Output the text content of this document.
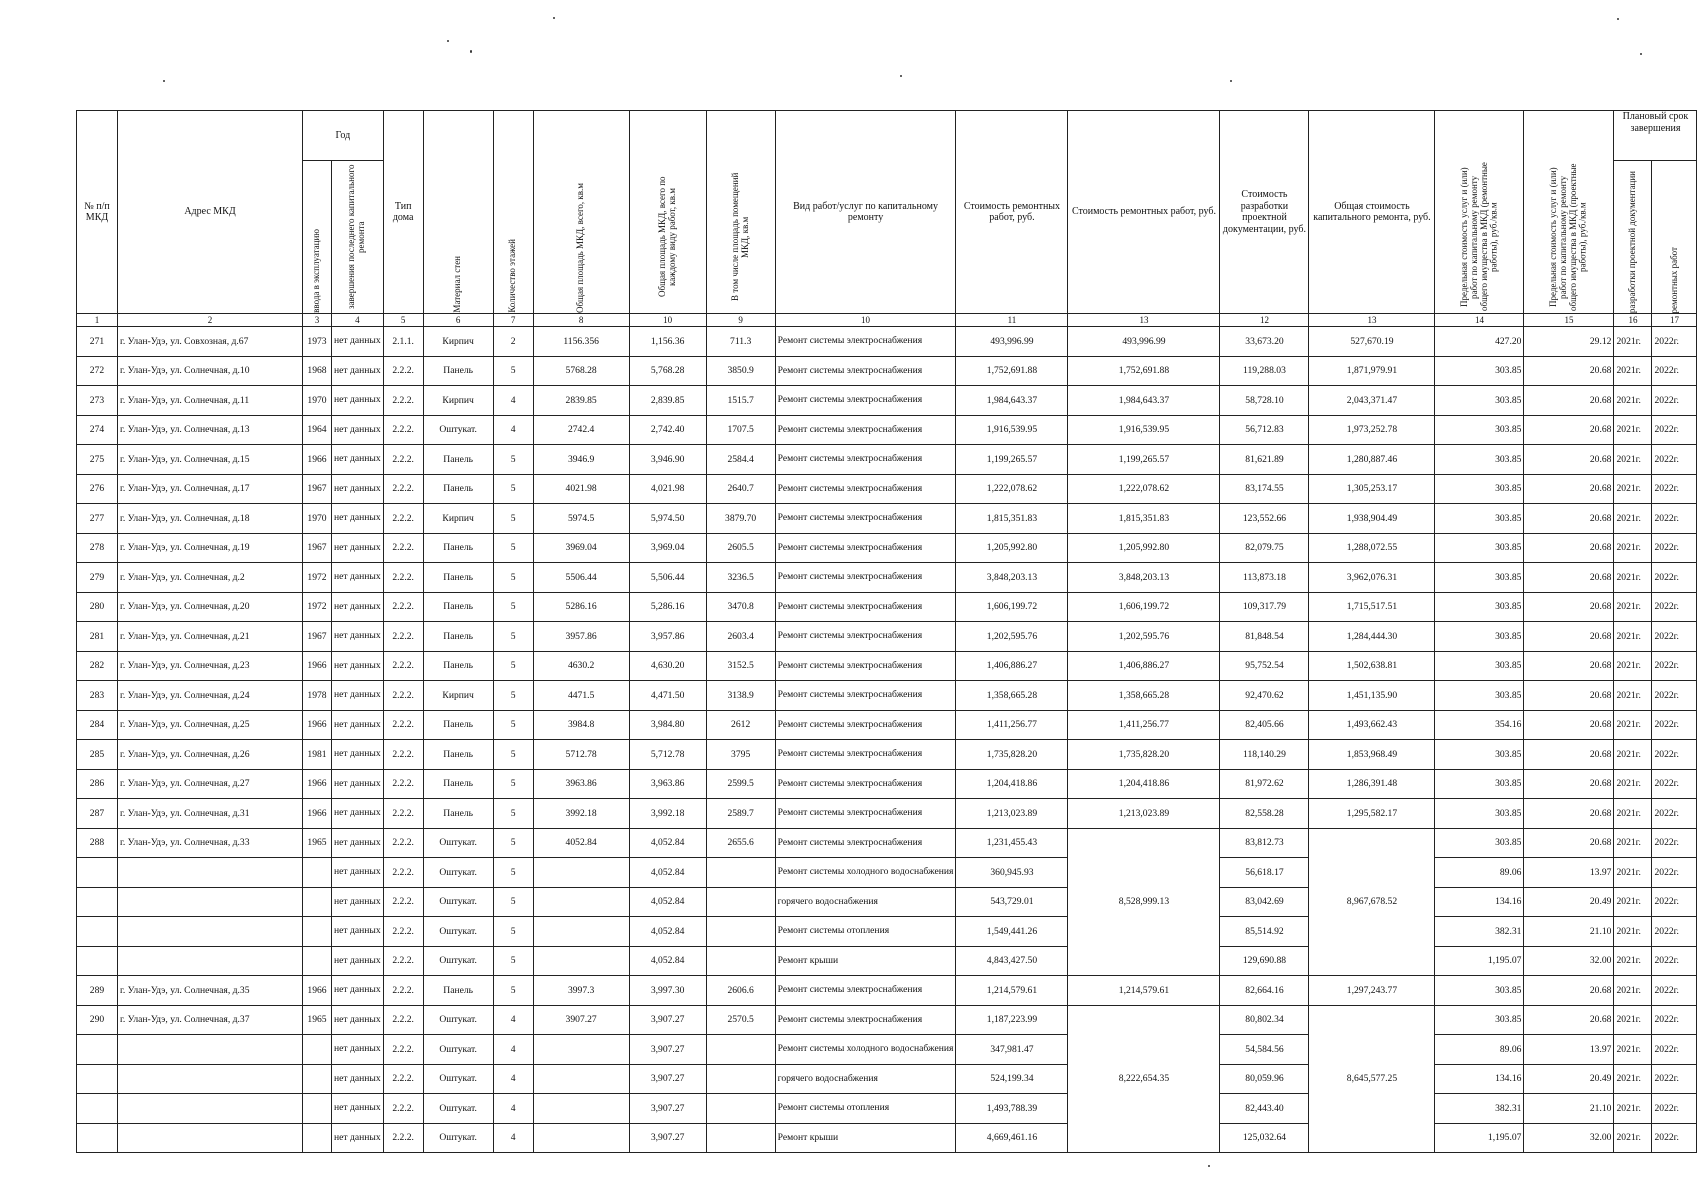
№ п/п МКД	Адрес МКД	Год		Тип дома	Материал стен	Количество этажей	Общая площадь МКД, всего, кв.м	Общая площадь МКД, всего по каждому виду работ, кв.м	В том числе площадь помещений МКД, кв.м	Вид работ/услуг по капитальному ремонту	Стоимость ремонтных работ, руб.	Стоимость ремонтных работ, руб.	Стоимость разработки проектной документации, руб.	Общая стоимость капитального ремонта, руб.	Предельная стоимость услуг и (или) работ по капитальному ремонту общего имущества в МКД (ремонтные работы), руб./кв.м	Предельная стоимость услуг и (или) работ по капитальному ремонту общего имущества в МКД (проектные работы), руб./кв.м	Плановый срок завершения	

		ввода в эксплуатацию	завершения последнего капитального ремонта														разработки проектной документации	ремонтных работ

1	2	3	4	5	6	7	8	10	9	10	11	13	12	13	14	15	16	17
271	г. Улан-Удэ, ул. Совхозная, д.67	1973	нет данных	2.1.1.	Кирпич	2	1156.356	1,156.36	711.3	Ремонт системы электроснабжения	493,996.99	493,996.99	33,673.20	527,670.19	427.20	29.12	2021г.	2022г.
272	г. Улан-Удэ, ул. Солнечная, д.10	1968	нет данных	2.2.2.	Панель	5	5768.28	5,768.28	3850.9	Ремонт системы электроснабжения	1,752,691.88	1,752,691.88	119,288.03	1,871,979.91	303.85	20.68	2021г.	2022г.
273	г. Улан-Удэ, ул. Солнечная, д.11	1970	нет данных	2.2.2.	Кирпич	4	2839.85	2,839.85	1515.7	Ремонт системы электроснабжения	1,984,643.37	1,984,643.37	58,728.10	2,043,371.47	303.85	20.68	2021г.	2022г.
274	г. Улан-Удэ, ул. Солнечная, д.13	1964	нет данных	2.2.2.	Оштукат.	4	2742.4	2,742.40	1707.5	Ремонт системы электроснабжения	1,916,539.95	1,916,539.95	56,712.83	1,973,252.78	303.85	20.68	2021г.	2022г.
275	г. Улан-Удэ, ул. Солнечная, д.15	1966	нет данных	2.2.2.	Панель	5	3946.9	3,946.90	2584.4	Ремонт системы электроснабжения	1,199,265.57	1,199,265.57	81,621.89	1,280,887.46	303.85	20.68	2021г.	2022г.
276	г. Улан-Удэ, ул. Солнечная, д.17	1967	нет данных	2.2.2.	Панель	5	4021.98	4,021.98	2640.7	Ремонт системы электроснабжения	1,222,078.62	1,222,078.62	83,174.55	1,305,253.17	303.85	20.68	2021г.	2022г.
277	г. Улан-Удэ, ул. Солнечная, д.18	1970	нет данных	2.2.2.	Кирпич	5	5974.5	5,974.50	3879.70	Ремонт системы электроснабжения	1,815,351.83	1,815,351.83	123,552.66	1,938,904.49	303.85	20.68	2021г.	2022г.
278	г. Улан-Удэ, ул. Солнечная, д.19	1967	нет данных	2.2.2.	Панель	5	3969.04	3,969.04	2605.5	Ремонт системы электроснабжения	1,205,992.80	1,205,992.80	82,079.75	1,288,072.55	303.85	20.68	2021г.	2022г.
279	г. Улан-Удэ, ул. Солнечная, д.2	1972	нет данных	2.2.2.	Панель	5	5506.44	5,506.44	3236.5	Ремонт системы электроснабжения	3,848,203.13	3,848,203.13	113,873.18	3,962,076.31	303.85	20.68	2021г.	2022г.
280	г. Улан-Удэ, ул. Солнечная, д.20	1972	нет данных	2.2.2.	Панель	5	5286.16	5,286.16	3470.8	Ремонт системы электроснабжения	1,606,199.72	1,606,199.72	109,317.79	1,715,517.51	303.85	20.68	2021г.	2022г.
281	г. Улан-Удэ, ул. Солнечная, д.21	1967	нет данных	2.2.2.	Панель	5	3957.86	3,957.86	2603.4	Ремонт системы электроснабжения	1,202,595.76	1,202,595.76	81,848.54	1,284,444.30	303.85	20.68	2021г.	2022г.
282	г. Улан-Удэ, ул. Солнечная, д.23	1966	нет данных	2.2.2.	Панель	5	4630.2	4,630.20	3152.5	Ремонт системы электроснабжения	1,406,886.27	1,406,886.27	95,752.54	1,502,638.81	303.85	20.68	2021г.	2022г.
283	г. Улан-Удэ, ул. Солнечная, д.24	1978	нет данных	2.2.2.	Кирпич	5	4471.5	4,471.50	3138.9	Ремонт системы электроснабжения	1,358,665.28	1,358,665.28	92,470.62	1,451,135.90	303.85	20.68	2021г.	2022г.
284	г. Улан-Удэ, ул. Солнечная, д.25	1966	нет данных	2.2.2.	Панель	5	3984.8	3,984.80	2612	Ремонт системы электроснабжения	1,411,256.77	1,411,256.77	82,405.66	1,493,662.43	354.16	20.68	2021г.	2022г.
285	г. Улан-Удэ, ул. Солнечная, д.26	1981	нет данных	2.2.2.	Панель	5	5712.78	5,712.78	3795	Ремонт системы электроснабжения	1,735,828.20	1,735,828.20	118,140.29	1,853,968.49	303.85	20.68	2021г.	2022г.
286	г. Улан-Удэ, ул. Солнечная, д.27	1966	нет данных	2.2.2.	Панель	5	3963.86	3,963.86	2599.5	Ремонт системы электроснабжения	1,204,418.86	1,204,418.86	81,972.62	1,286,391.48	303.85	20.68	2021г.	2022г.
287	г. Улан-Удэ, ул. Солнечная, д.31	1966	нет данных	2.2.2.	Панель	5	3992.18	3,992.18	2589.7	Ремонт системы электроснабжения	1,213,023.89	1,213,023.89	82,558.28	1,295,582.17	303.85	20.68	2021г.	2022г.
288	г. Улан-Удэ, ул. Солнечная, д.33	1965	нет данных	2.2.2.	Оштукат.	5	4052.84	4,052.84	2655.6	Ремонт системы электроснабжения	1,231,455.43	8,528,999.13	83,812.73	8,967,678.52	303.85	20.68	2021г.	2022г.
			нет данных	2.2.2.	Оштукат.	5		4,052.84		Ремонт системы холодного водоснабжения	360,945.93		56,618.17		89.06	13.97	2021г.	2022г.
			нет данных	2.2.2.	Оштукат.	5		4,052.84		горячего водоснабжения	543,729.01		83,042.69		134.16	20.49	2021г.	2022г.
			нет данных	2.2.2.	Оштукат.	5		4,052.84		Ремонт системы отопления	1,549,441.26		85,514.92		382.31	21.10	2021г.	2022г.
			нет данных	2.2.2.	Оштукат.	5		4,052.84		Ремонт крыши	4,843,427.50		129,690.88		1,195.07	32.00	2021г.	2022г.
289	г. Улан-Удэ, ул. Солнечная, д.35	1966	нет данных	2.2.2.	Панель	5	3997.3	3,997.30	2606.6	Ремонт системы электроснабжения	1,214,579.61	1,214,579.61	82,664.16	1,297,243.77	303.85	20.68	2021г.	2022г.
290	г. Улан-Удэ, ул. Солнечная, д.37	1965	нет данных	2.2.2.	Оштукат.	4	3907.27	3,907.27	2570.5	Ремонт системы электроснабжения	1,187,223.99	8,222,654.35	80,802.34	8,645,577.25	303.85	20.68	2021г.	2022г.
			нет данных	2.2.2.	Оштукат.	4		3,907.27		Ремонт системы холодного водоснабжения	347,981.47		54,584.56		89.06	13.97	2021г.	2022г.
			нет данных	2.2.2.	Оштукат.	4		3,907.27		горячего водоснабжения	524,199.34		80,059.96		134.16	20.49	2021г.	2022г.
			нет данных	2.2.2.	Оштукат.	4		3,907.27		Ремонт системы отопления	1,493,788.39		82,443.40		382.31	21.10	2021г.	2022г.
			нет данных	2.2.2.	Оштукат.	4		3,907.27		Ремонт крыши	4,669,461.16		125,032.64		1,195.07	32.00	2021г.	2022г.
